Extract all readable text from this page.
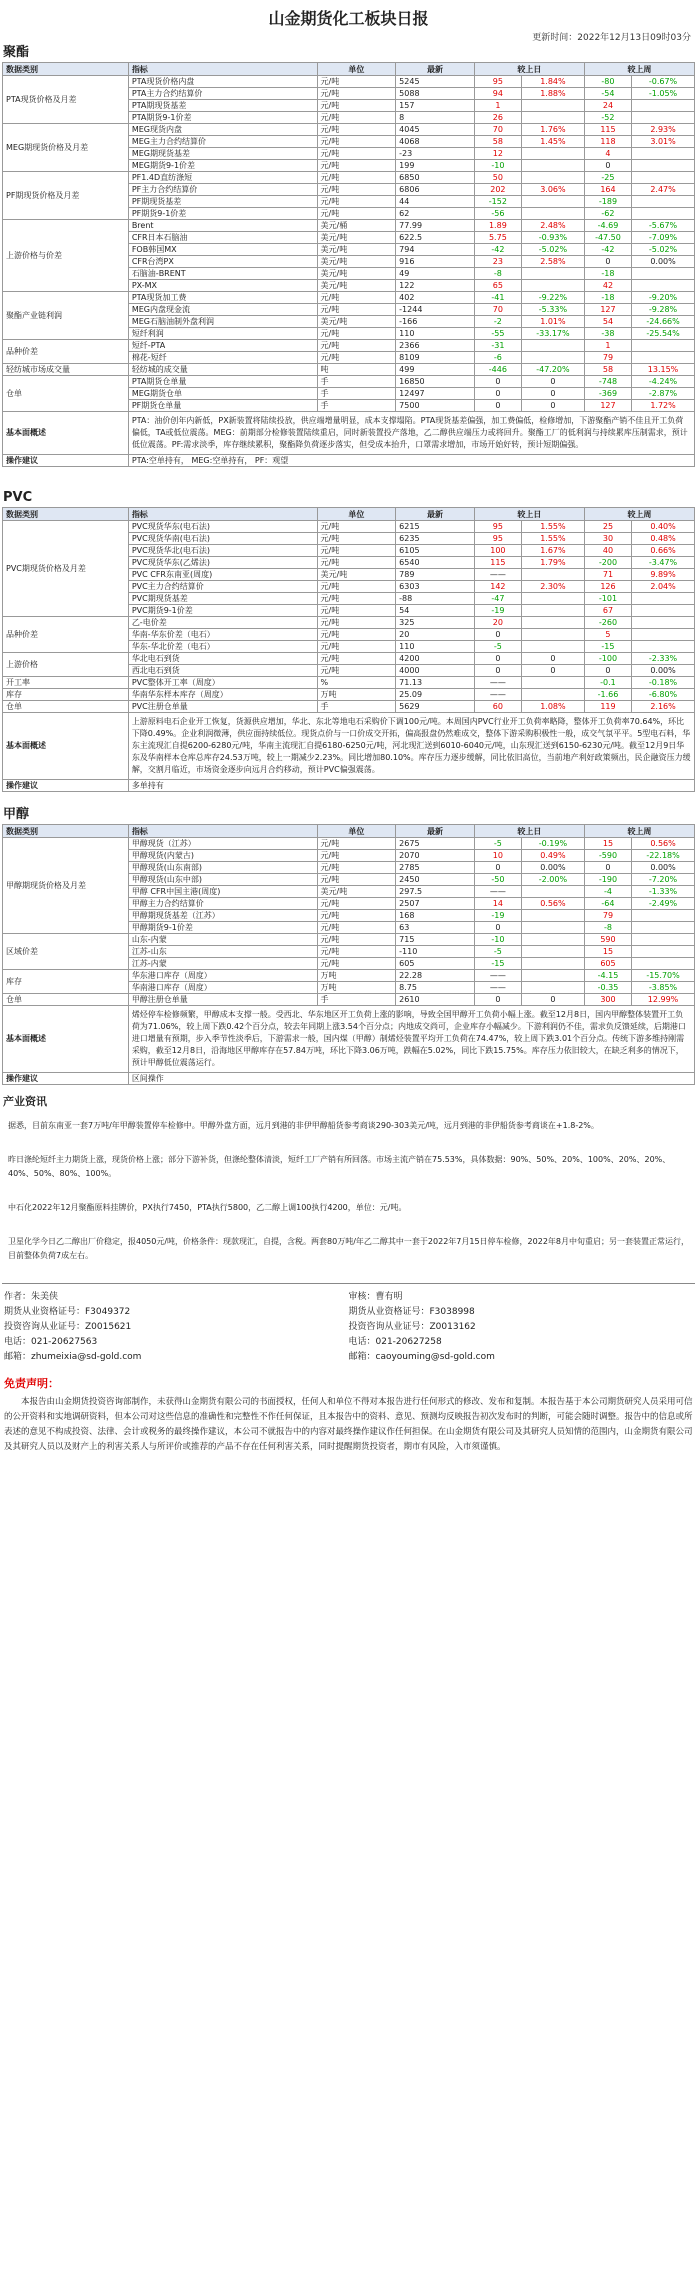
山金期货化工板块日报
更新时间：2022年12月13日09时03分
聚酯
数据类别	指标	单位	最新	较上日		较上周	
PTA现货价格及月差	PTA现货价格内盘	元/吨	5245	95	1.84%	-80	-0.67%
	PTA主力合约结算价	元/吨	5088	94	1.88%	-54	-1.05%
	PTA期现货基差	元/吨	157	1		24	
	PTA期货9-1价差	元/吨	8	26		-52	
MEG期现货价格及月差	MEG现货内盘	元/吨	4045	70	1.76%	115	2.93%
	MEG主力合约结算价	元/吨	4068	58	1.45%	118	3.01%
	MEG期现货基差	元/吨	-23	12		4	
	MEG期货9-1价差	元/吨	199	-10		0	
PF期现货价格及月差	PF1.4D直纺涤短	元/吨	6850	50		-25	
	PF主力合约结算价	元/吨	6806	202	3.06%	164	2.47%
	PF期现货基差	元/吨	44	-152		-189	
	PF期货9-1价差	元/吨	62	-56		-62	
上游价格与价差	Brent	美元/桶	77.99	1.89	2.48%	-4.69	-5.67%
	CFR日本石脑油	美元/吨	622.5	5.75	-0.93%	-47.50	-7.09%
	FOB韩国MX	美元/吨	794	-42	-5.02%	-42	-5.02%
	CFR台湾PX	美元/吨	916	23	2.58%	0	0.00%
	石脑油-BRENT	美元/吨	49	-8		-18	
	PX-MX	美元/吨	122	65		42	
聚酯产业链利润	PTA现货加工费	元/吨	402	-41	-9.22%	-18	-9.20%
	MEG内盘现金流	元/吨	-1244	70	-5.33%	127	-9.28%
	MEG石脑油制外盘利润	美元/吨	-166	-2	1.01%	54	-24.66%
	短纤利润	元/吨	110	-55	-33.17%	-38	-25.54%
品种价差	短纤-PTA	元/吨	2366	-31		1	
	棉花-短纤	元/吨	8109	-6		79	
轻纺城市场成交量	轻纺城的成交量	吨	499	-446	-47.20%	58	13.15%
仓单	PTA期货仓单量	手	16850	0	0	-748	-4.24%
	MEG期货仓单	手	12497	0	0	-369	-2.87%
	PF期货仓单量	手	7500	0	0	127	1.72%
基本面概述	PTA：油价创年内新低，PX新装置将陆续投放，供应端增量明显，成本支撑塌陷。PTA现货基差偏强，加工费偏低，检修增加，下游聚酯产销不佳且开工负荷偏低，TA或低位震荡。MEG：前期部分检修装置陆续重启，同时新装置投产落地，乙二醇供应端压力或将回升。聚酯工厂的低利润与持续累库压制需求，预计低位震荡。PF:需求淡季，库存继续累积，聚酯降负荷逐步落实，但受成本抬升，口罩需求增加，市场开始好转，预计短期偏强。						
操作建议	PTA:空单持有， MEG:空单持有， PF：观望						
PVC
数据类别	指标	单位	最新	较上日		较上周	
PVC期现货价格及月差	PVC现货华东(电石法)	元/吨	6215	95	1.55%	25	0.40%
	PVC现货华南(电石法)	元/吨	6235	95	1.55%	30	0.48%
	PVC现货华北(电石法)	元/吨	6105	100	1.67%	40	0.66%
	PVC现货华东(乙烯法)	元/吨	6540	115	1.79%	-200	-3.47%
	PVC CFR东南亚(周度)	美元/吨	789	——		71	9.89%
	PVC主力合约结算价	元/吨	6303	142	2.30%	126	2.04%
	PVC期现货基差	元/吨	-88	-47		-101	
	PVC期货9-1价差	元/吨	54	-19		67	
品种价差	乙-电价差	元/吨	325	20		-260	
	华南-华东价差（电石）	元/吨	20	0		5	
	华东-华北价差（电石）	元/吨	110	-5		-15	
上游价格	华北电石到货	元/吨	4200	0	0	-100	-2.33%
	西北电石到货	元/吨	4000	0	0	0	0.00%
开工率	PVC整体开工率（周度）	%	71.13	——		-0.1	-0.18%
库存	华南华东样本库存（周度）	万吨	25.09	——		-1.66	-6.80%
仓单	PVC注册仓单量	手	5629	60	1.08%	119	2.16%
基本面概述	上游原料电石企业开工恢复，货源供应增加，华北、东北等地电石采购价下调100元/吨。本周国内PVC行业开工负荷率略降，整体开工负荷率70.64%，环比下降0.49%。企业利润微薄，供应面持续低位。现货点价与一口价成交开拓，偏高报盘仍然难成交，整体下游采购积极性一般，成交气氛平平。5型电石料，华东主流现汇自提6200-6280元/吨，华南主流现汇自提6180-6250元/吨，河北现汇送到6010-6040元/吨，山东现汇送到6150-6230元/吨。截至12月9日华东及华南样本仓库总库存24.53万吨，较上一期减少2.23%。同比增加80.10%。库存压力逐步缓解，同比依旧高位，当前地产利好政策频出，民企融资压力缓解，交割月临近，市场资金逐步向远月合约移动，预计PVC偏强震荡。						
操作建议	多单持有						
甲醇
数据类别	指标	单位	最新	较上日		较上周	
甲醇期现货价格及月差	甲醇现货（江苏）	元/吨	2675	-5	-0.19%	15	0.56%
	甲醇现货(内蒙古)	元/吨	2070	10	0.49%	-590	-22.18%
	甲醇现货(山东南部)	元/吨	2785	0	0.00%	0	0.00%
	甲醇现货(山东中部)	元/吨	2450	-50	-2.00%	-190	-7.20%
	甲醇 CFR中国主港(周度)	美元/吨	297.5	——		-4	-1.33%
	甲醇主力合约结算价	元/吨	2507	14	0.56%	-64	-2.49%
	甲醇期现货基差（江苏）	元/吨	168	-19		79	
	甲醇期货9-1价差	元/吨	63	0		-8	
区域价差	山东-内蒙	元/吨	715	-10		590	
	江苏-山东	元/吨	-110	-5		15	
	江苏-内蒙	元/吨	605	-15		605	
库存	华东港口库存（周度）	万吨	22.28	——		-4.15	-15.70%
	华南港口库存（周度）	万吨	8.75	——		-0.35	-3.85%
仓单	甲醇注册仓单量	手	2610	0	0	300	12.99%
基本面概述	烯烃停车检修频繁，甲醇成本支撑一般。受西北、华东地区开工负荷上涨的影响，导致全国甲醇开工负荷小幅上涨。截至12月8日，国内甲醇整体装置开工负荷为71.06%，较上周下跌0.42个百分点，较去年同期上涨3.54个百分点；内地成交尚可，企业库存小幅减少。下游利润仍不佳，需求负反馈延续，后期港口进口增量有预期，步入季节性淡季后，下游需求一般，国内煤（甲醇）制烯烃装置平均开工负荷在74.47%，较上周下跌3.01个百分点。传统下游多维持刚需采购，截至12月8日，沿海地区甲醇库存在57.84万吨，环比下降3.06万吨，跌幅在5.02%，同比下跌15.75%。库存压力依旧较大，在缺乏利多的情况下，预计甲醇低位震荡运行。						
操作建议	区间操作						
产业资讯

据悉，目前东南亚一套7万吨/年甲醇装置停车检修中。甲醇外盘方面，远月到港的非伊甲醇船货参考商谈290-303美元/吨，远月到港的非伊船货参考商谈在+1.8-2%。

昨日涤纶短纤主力期货上涨，现货价格上涨；部分下游补货，但涤纶整体清淡，短纤工厂产销有所回落。市场主流产销在75.53%，具体数据：90%、50%、20%、100%、20%、20%、40%、50%、80%、100%。

中石化2022年12月聚酯原料挂牌价，PX执行7450，PTA执行5800，乙二醇上调100执行4200，单位：元/吨。

卫星化学今日乙二醇出厂价稳定，报4050元/吨，价格条件：现款现汇，自提，含税。两套80万吨/年乙二醇其中一套于2022年7月15日停车检修，2022年8月中旬重启；另一套装置正常运行，目前整体负荷7成左右。

作者：朱美侠
期货从业资格证号：F3049372
投资咨询从业证号：Z0015621
电话：021-20627563
邮箱：zhumeixia@sd-gold.com
审核：曹有明
期货从业资格证号：F3038998
投资咨询从业证号：Z0013162
电话：021-20627258
邮箱：caoyouming@sd-gold.com
免责声明：
本报告由山金期货投资咨询部制作，未获得山金期货有限公司的书面授权，任何人和单位不得对本报告进行任何形式的修改、发布和复制。本报告基于本公司期货研究人员采用可信的公开资料和实地调研资料，但本公司对这些信息的准确性和完整性不作任何保证，且本报告中的资料、意见、预测均反映报告初次发布时的判断，可能会随时调整。报告中的信息或所表述的意见不构成投资、法律、会计或税务的最终操作建议，本公司不就报告中的内容对最终操作建议作任何担保。在山金期货有限公司及其研究人员知情的范围内，山金期货有限公司及其研究人员以及财产上的利害关系人与所评价或推荐的产品不存在任何利害关系，同时提醒期货投资者，期市有风险，入市须谨慎。
